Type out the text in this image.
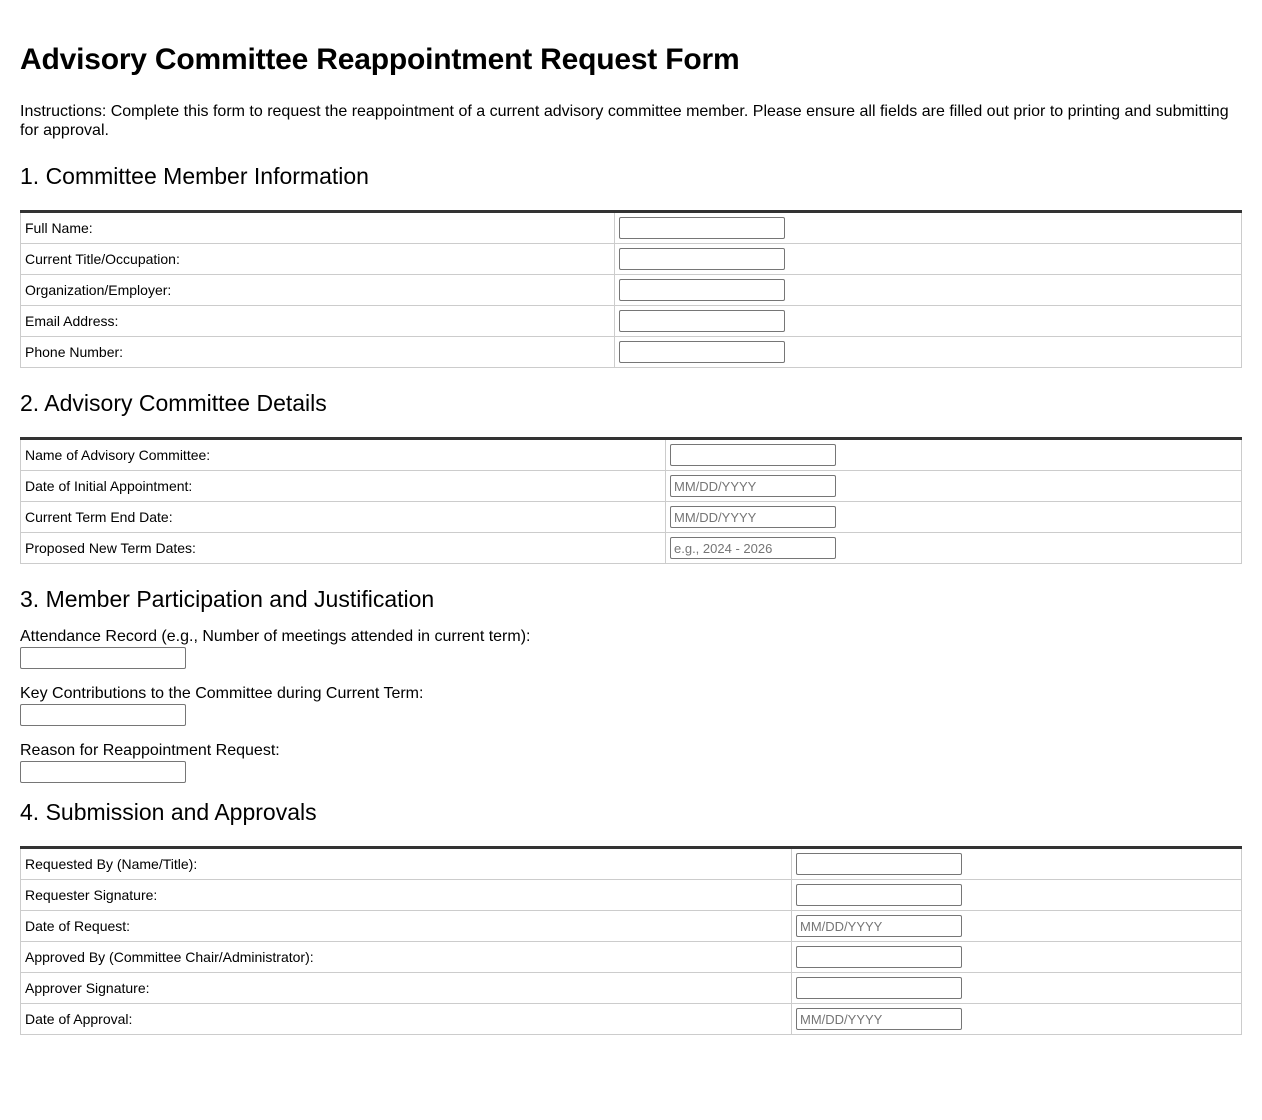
Advisory Committee Reappointment Request Form

Instructions: Complete this form to request the reappointment of a current advisory committee member. Please ensure all fields are filled out prior to printing and submitting for approval.

1. Committee Member Information
Full Name:	

Current Title/Occupation:	

Organization/Employer:	

Email Address:	

Phone Number:	
2. Advisory Committee Details
Name of Advisory Committee:	

Date of Initial Appointment:	
MM/DD/YYYY
Current Term End Date:	
MM/DD/YYYY
Proposed New Term Dates:	
e.g., 2024 - 2026
3. Member Participation and Justification
Attendance Record (e.g., Number of meetings attended in current term):
Key Contributions to the Committee during Current Term:
Reason for Reappointment Request:
4. Submission and Approvals
Requested By (Name/Title):	

Requester Signature:	

Date of Request:	
MM/DD/YYYY
Approved By (Committee Chair/Administrator):	

Approver Signature:	

Date of Approval:	
MM/DD/YYYY
